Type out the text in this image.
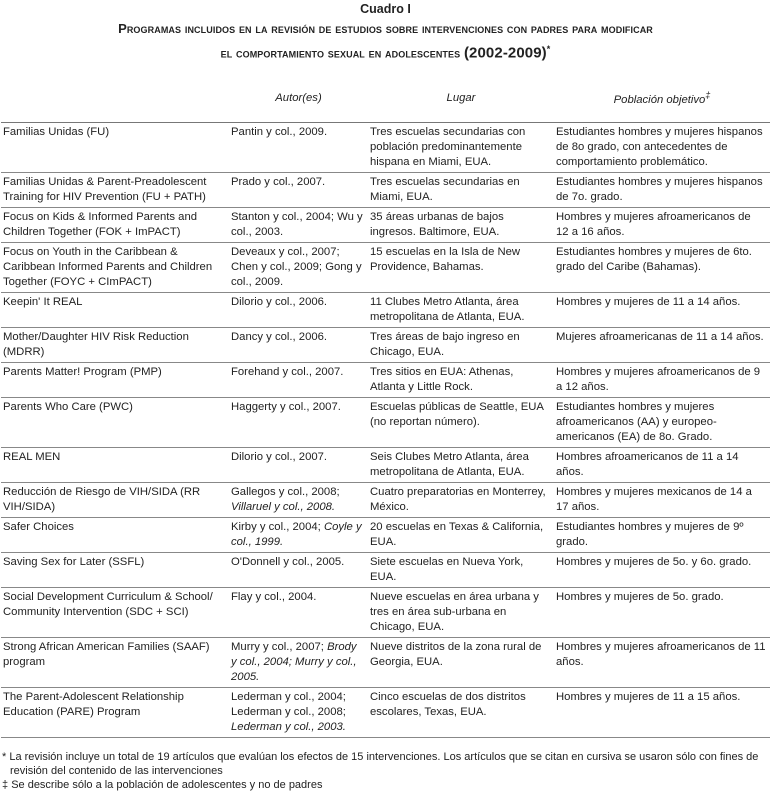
Cuadro I
Programas incluidos en la revisión de estudios sobre intervenciones con padres para modificar
el comportamiento sexual en adolescentes (2002-2009)*
	Autor(es)	Lugar	Población objetivo‡
Familias Unidas (FU)	Pantin y col., 2009.	Tres escuelas secundarias con población predominantemente hispana en Miami, EUA.	Estudiantes hombres y mujeres hispanos de 8o grado, con antecedentes de comportamiento problemático.
Familias Unidas & Parent-Preadolescent Training for HIV Prevention (FU + PATH)	Prado y col., 2007.	Tres escuelas secundarias en Miami, EUA.	Estudiantes hombres y mujeres hispanos de 7o. grado.
Focus on Kids & Informed Parents and Children Together (FOK + ImPACT)	Stanton y col., 2004; Wu y col., 2003.	35 áreas urbanas de bajos ingresos. Baltimore, EUA.	Hombres y mujeres afroamericanos de 12 a 16 años.
Focus on Youth in the Caribbean & Caribbean Informed Parents and Children Together (FOYC + CImPACT)	Deveaux y col., 2007; Chen y col., 2009; Gong y col., 2009.	15 escuelas en la Isla de New Providence, Bahamas.	Estudiantes hombres y mujeres de 6to. grado del Caribe (Bahamas).
Keepin' It REAL	Dilorio y col., 2006.	11 Clubes Metro Atlanta, área metropolitana de Atlanta, EUA.	Hombres y mujeres de 11 a 14 años.
Mother/Daughter HIV Risk Reduction (MDRR)	Dancy y col., 2006.	Tres áreas de bajo ingreso en Chicago, EUA.	Mujeres afroamericanas de 11 a 14 años.
Parents Matter! Program (PMP)	Forehand y col., 2007.	Tres sitios en EUA: Athenas, Atlanta y Little Rock.	Hombres y mujeres afroamericanos de 9 a 12 años.
Parents Who Care (PWC)	Haggerty y col., 2007.	Escuelas públicas de Seattle, EUA (no reportan número).	Estudiantes hombres y mujeres afroamericanos (AA) y europeo-americanos (EA) de 8o. Grado.
REAL MEN	Dilorio y col., 2007.	Seis Clubes Metro Atlanta, área metropolitana de Atlanta, EUA.	Hombres afroamericanos de 11 a 14 años.
Reducción de Riesgo de VIH/SIDA (RR VIH/SIDA)	Gallegos y col., 2008; Villaruel y col., 2008.	Cuatro preparatorias en Monterrey, México.	Hombres y mujeres mexicanos de 14 a 17 años.
Safer Choices	Kirby y col., 2004; Coyle y col., 1999.	20 escuelas en Texas & California, EUA.	Estudiantes hombres y mujeres de 9º grado.
Saving Sex for Later (SSFL)	O'Donnell y col., 2005.	Siete escuelas en Nueva York, EUA.	Hombres y mujeres de 5o. y 6o. grado.
Social Development Curriculum & School/ Community Intervention (SDC + SCI)	Flay y col., 2004.	Nueve escuelas en área urbana y tres en área sub-urbana en Chicago, EUA.	Hombres y mujeres de 5o. grado.
Strong African American Families (SAAF) program	Murry y col., 2007; Brody y col., 2004; Murry y col., 2005.	Nueve distritos de la zona rural de Georgia, EUA.	Hombres y mujeres afroamericanos de 11 años.
The Parent-Adolescent Relationship Education (PARE) Program	Lederman y col., 2004; Lederman y col., 2008; Lederman y col., 2003.	Cinco escuelas de dos distritos escolares, Texas, EUA.	Hombres y mujeres de 11 a 15 años.
* La revisión incluye un total de 19 artículos que evalúan los efectos de 15 intervenciones. Los artículos que se citan en cursiva se usaron sólo con fines de revisión del contenido de las intervenciones
‡ Se describe sólo a la población de adolescentes y no de padres
